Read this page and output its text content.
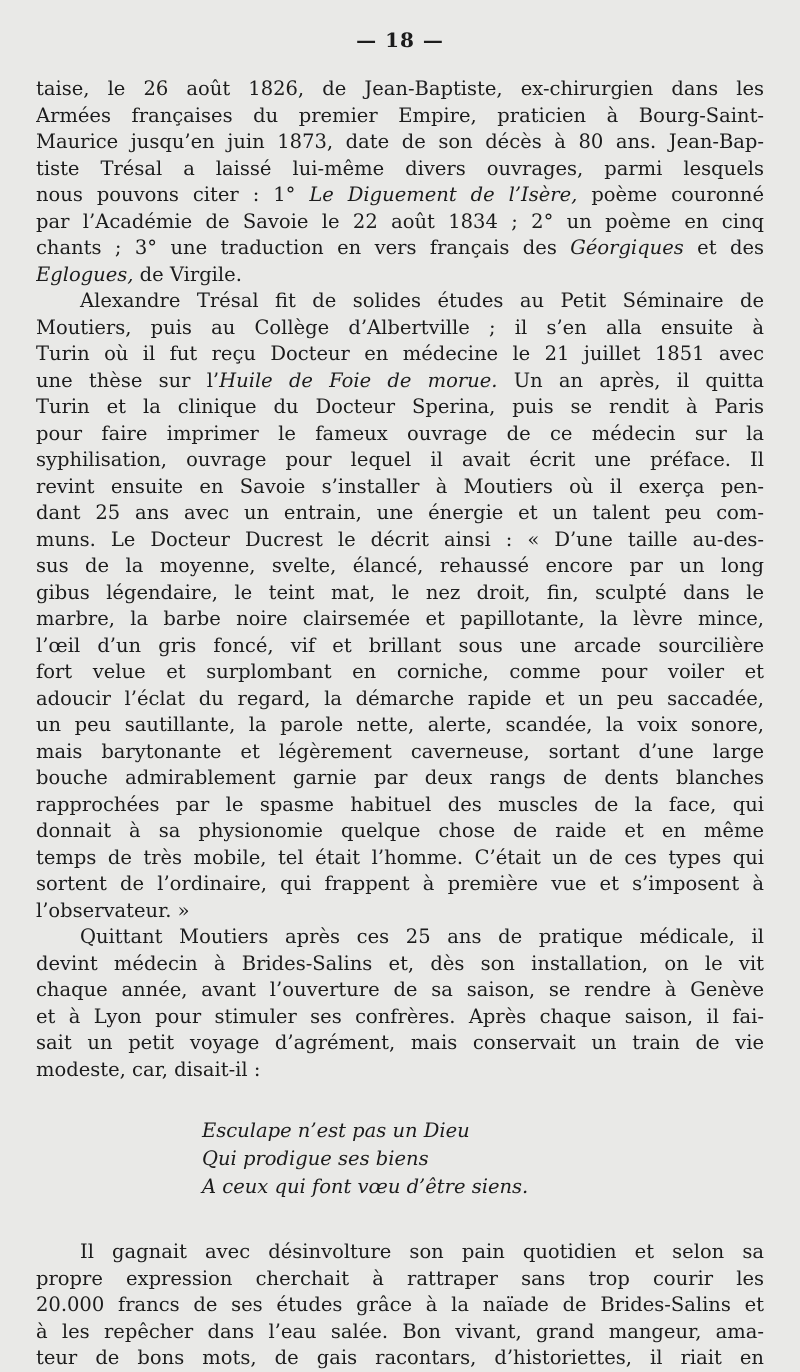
— 18 —
taise, le 26 août 1826, de Jean-Baptiste, ex-chirurgien dans les
Armées françaises du premier Empire, praticien à Bourg-Saint-
Maurice jusqu’en juin 1873, date de son décès à 80 ans. Jean-Bap-
tiste Trésal a laissé lui-même divers ouvrages, parmi lesquels
nous pouvons citer : 1° Le Diguement de l’Isère, poème couronné
par l’Académie de Savoie le 22 août 1834 ; 2° un poème en cinq
chants ; 3° une traduction en vers français des Géorgiques et des
Eglogues, de Virgile.
Alexandre Trésal fit de solides études au Petit Séminaire de
Moutiers, puis au Collège d’Albertville ; il s’en alla ensuite à
Turin où il fut reçu Docteur en médecine le 21 juillet 1851 avec
une thèse sur l’Huile de Foie de morue. Un an après, il quitta
Turin et la clinique du Docteur Sperina, puis se rendit à Paris
pour faire imprimer le fameux ouvrage de ce médecin sur la
syphilisation, ouvrage pour lequel il avait écrit une préface. Il
revint ensuite en Savoie s’installer à Moutiers où il exerça pen-
dant 25 ans avec un entrain, une énergie et un talent peu com-
muns. Le Docteur Ducrest le décrit ainsi : « D’une taille au-des-
sus de la moyenne, svelte, élancé, rehaussé encore par un long
gibus légendaire, le teint mat, le nez droit, fin, sculpté dans le
marbre, la barbe noire clairsemée et papillotante, la lèvre mince,
l’œil d’un gris foncé, vif et brillant sous une arcade sourcilière
fort velue et surplombant en corniche, comme pour voiler et
adoucir l’éclat du regard, la démarche rapide et un peu saccadée,
un peu sautillante, la parole nette, alerte, scandée, la voix sonore,
mais barytonante et légèrement caverneuse, sortant d’une large
bouche admirablement garnie par deux rangs de dents blanches
rapprochées par le spasme habituel des muscles de la face, qui
donnait à sa physionomie quelque chose de raide et en même
temps de très mobile, tel était l’homme. C’était un de ces types qui
sortent de l’ordinaire, qui frappent à première vue et s’imposent à
l’observateur. »
Quittant Moutiers après ces 25 ans de pratique médicale, il
devint médecin à Brides-Salins et, dès son installation, on le vit
chaque année, avant l’ouverture de sa saison, se rendre à Genève
et à Lyon pour stimuler ses confrères. Après chaque saison, il fai-
sait un petit voyage d’agrément, mais conservait un train de vie
modeste, car, disait-il :
Esculape n’est pas un Dieu
Qui prodigue ses biens
A ceux qui font vœu d’être siens.
Il gagnait avec désinvolture son pain quotidien et selon sa
propre expression cherchait à rattraper sans trop courir les
20.000 francs de ses études grâce à la naïade de Brides-Salins et
à les repêcher dans l’eau salée. Bon vivant, grand mangeur, ama-
teur de bons mots, de gais racontars, d’historiettes, il riait en
